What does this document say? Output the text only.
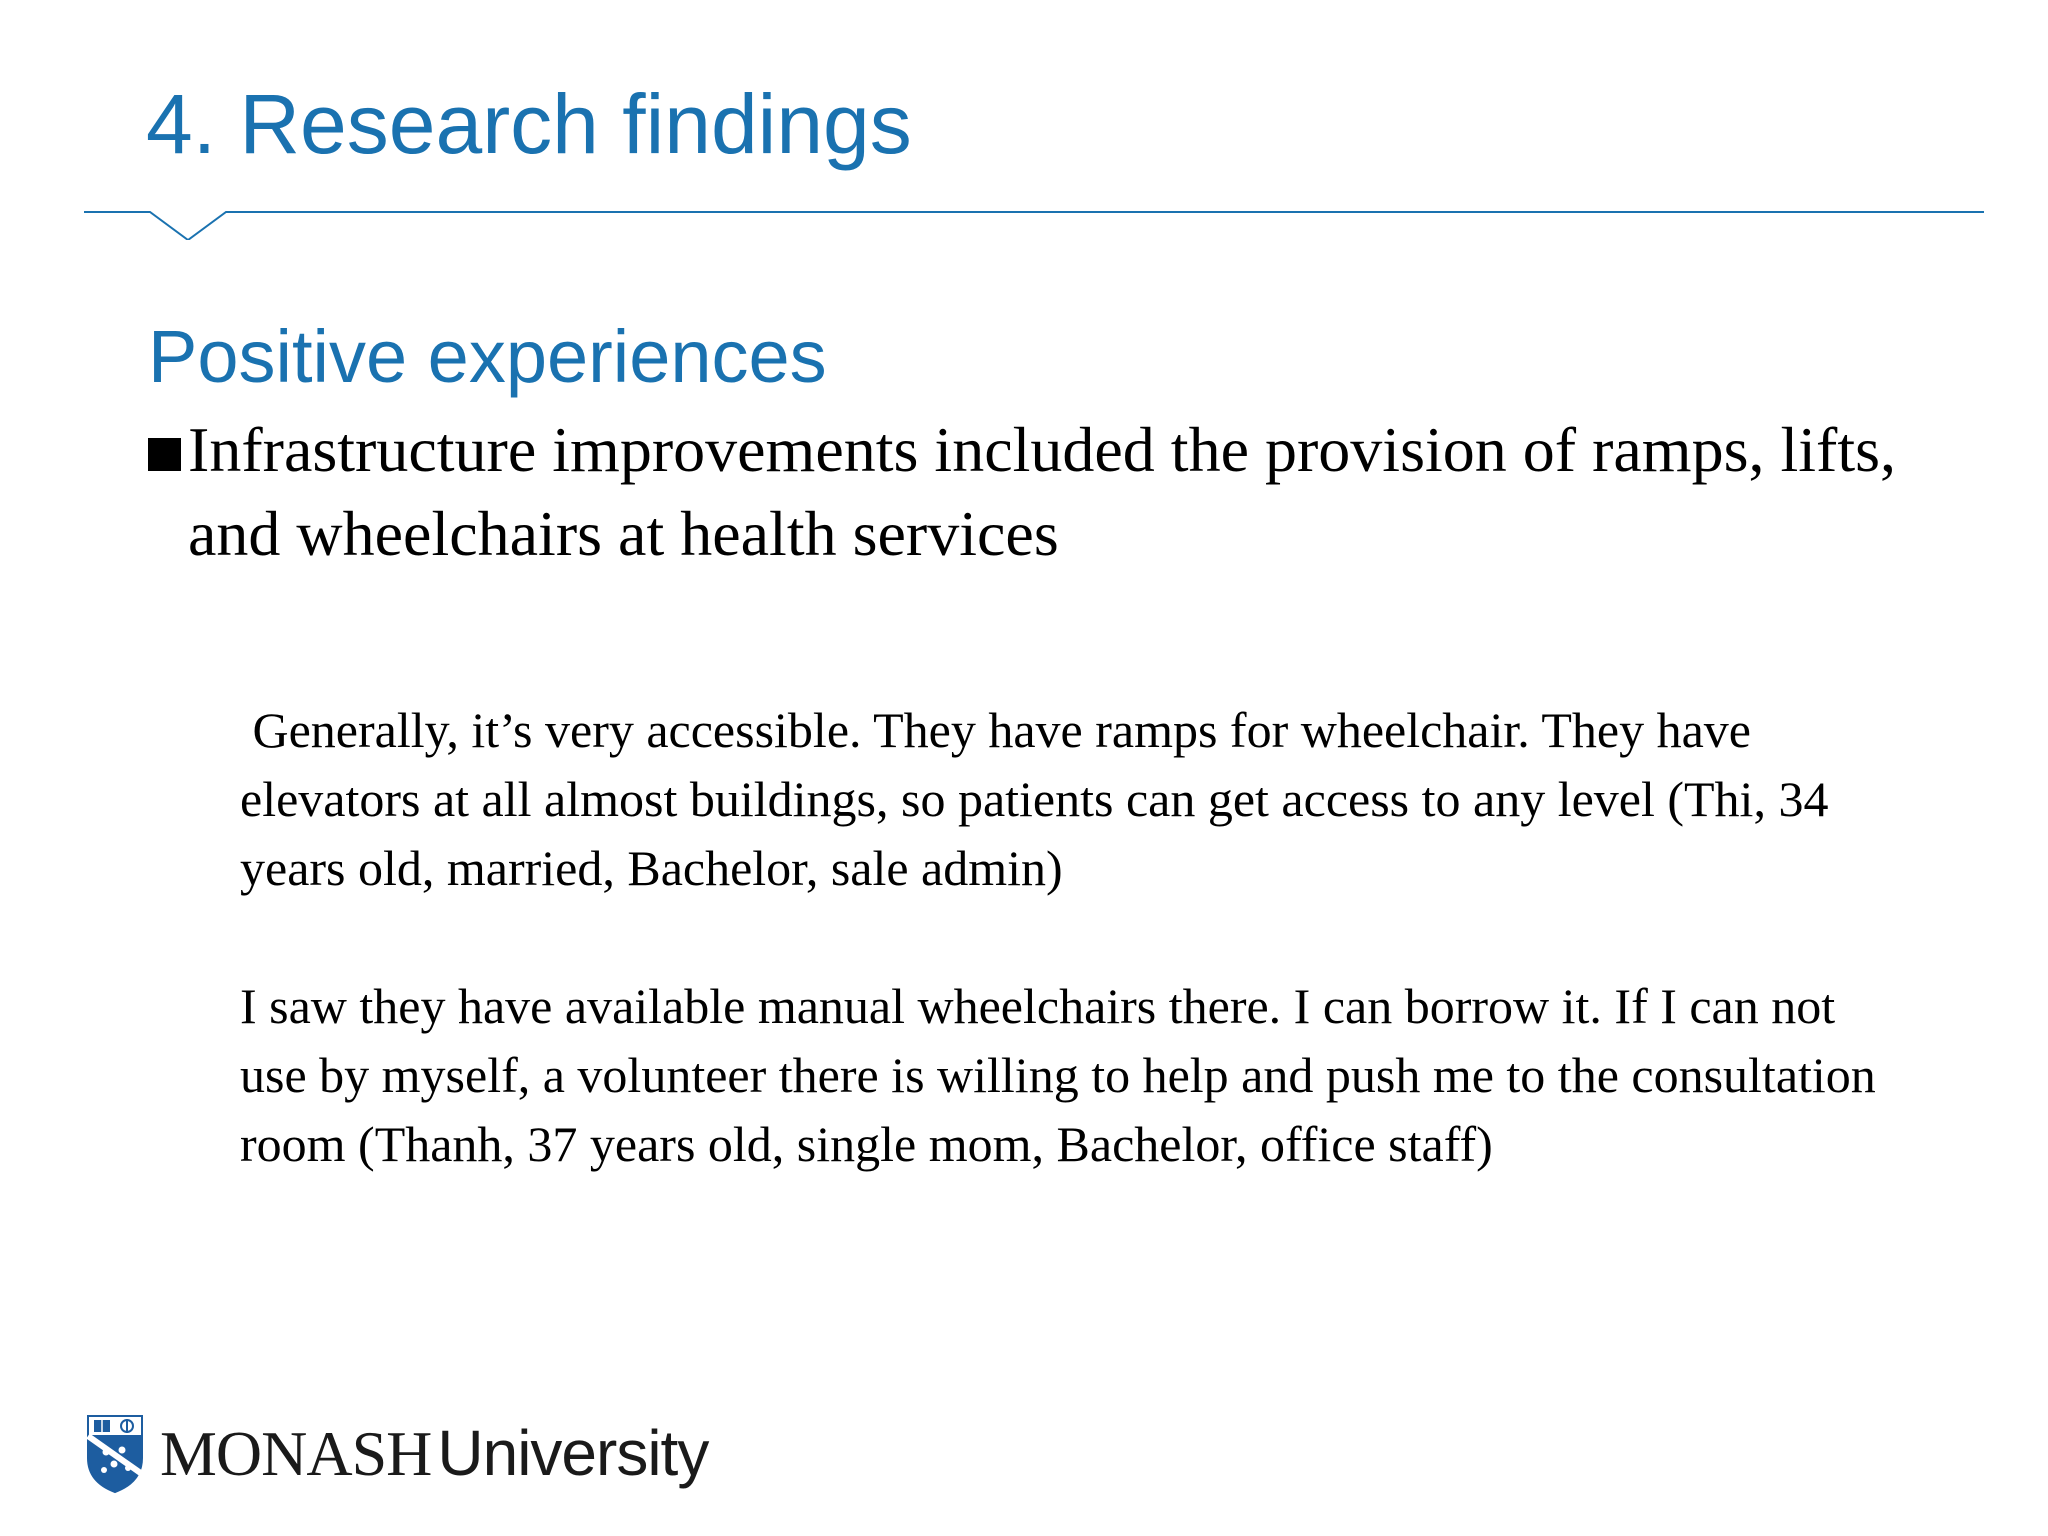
4. Research findings
Positive experiences
Infrastructure improvements included the provision of ramps, lifts, and wheelchairs at health services

Generally, it’s very accessible. They have ramps for wheelchair. They have elevators at all almost buildings, so patients can get access to any level (Thi, 34 years old, married, Bachelor, sale admin)

I saw they have available manual wheelchairs there. I can borrow it. If I can not use by myself, a volunteer there is willing to help and push me to the consultation room (Thanh, 37 years old, single mom, Bachelor, office staff)

MONASHUniversity
